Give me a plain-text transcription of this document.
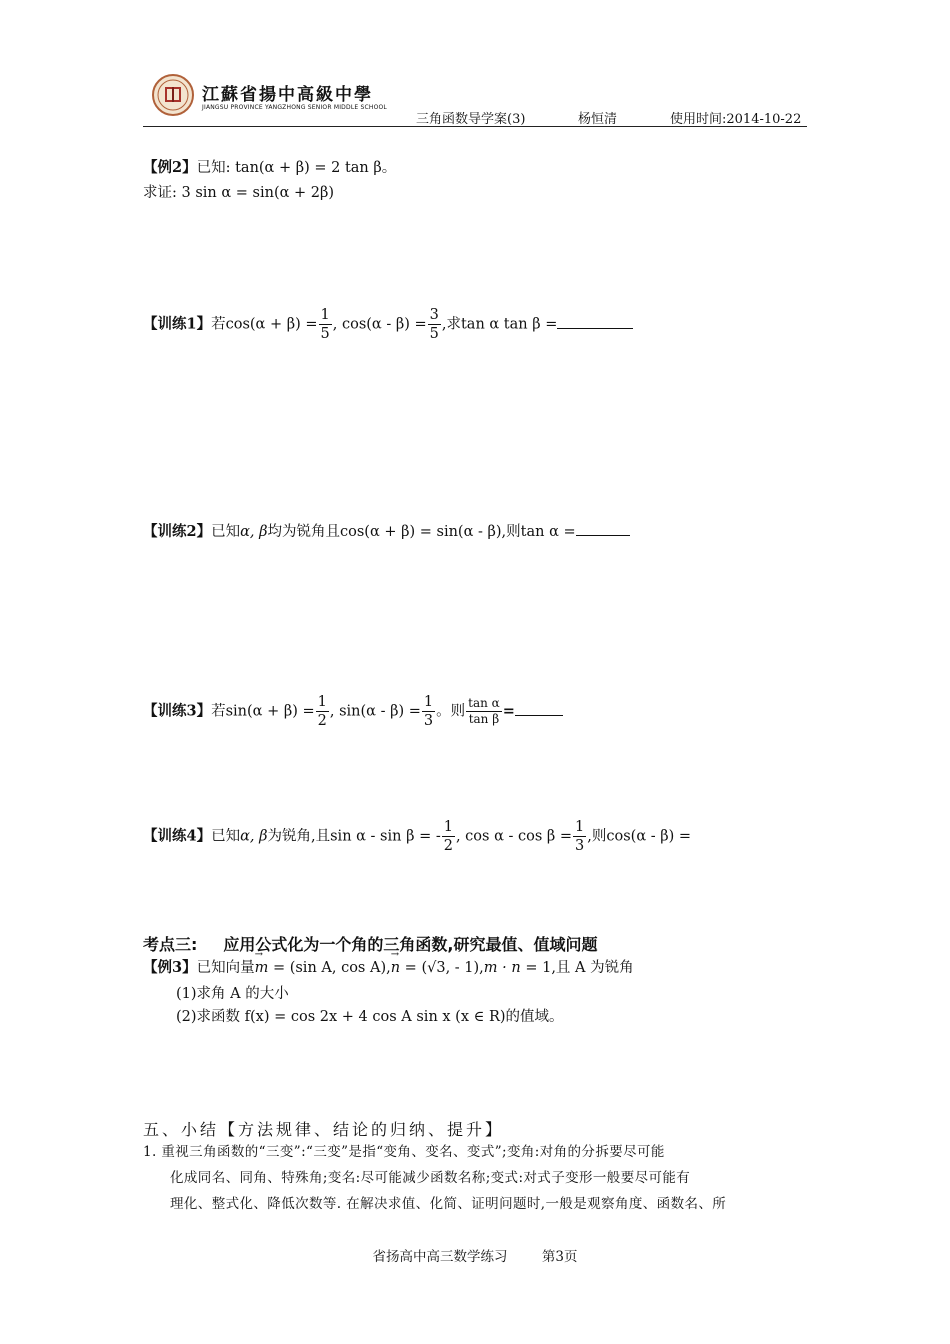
江蘇省揚中高級中學
JIANGSU PROVINCE YANGZHONG SENIOR MIDDLE SCHOOL
三角函数导学案(3)	杨恒清	使用时间:2014-10-22
【例2】已知: tan(α + β) = 2 tan β。
求证: 3 sin α = sin(α + 2β)
【训练1】若$\cos(\alpha + \beta) = \frac{1}{5}$ , $\cos(\alpha - \beta) = \frac{3}{5}$ ,求tan α tan β =
【训练2】已知α, β均为锐角且cos(α + β) = sin(α - β),则tan α =
【训练3】若$\sin(\alpha + \beta) = \frac{1}{2}$ , $\sin(\alpha - \beta) = \frac{1}{3}$ 。则 $\frac{\text{tan α}}{\text{tan β}}$ =
【训练4】已知α, β为锐角,且sin α - sin β = - $\frac{1}{2}$ , $\cos \alpha - \cos \beta = \frac{1}{3}$ ,则cos(α - β) =
考点三: 应用公式化为一个角的三角函数,研究最值、值域问题
【例3】已知向量→ m = (sin A, cos A),→ n = (√3, - 1),m · n = 1,且 A 为锐角
(1)求角 A 的大小
(2)求函数 f(x) = cos 2x + 4 cos A sin x (x ∈ R)的值域。
五、小结【方法规律、结论的归纳、提升】
1. 重视三角函数的“三变”:“三变”是指“变角、变名、变式”;变角:对角的分拆要尽可能
化成同名、同角、特殊角;变名:尽可能减少函数名称;变式:对式子变形一般要尽可能有
理化、整式化、降低次数等. 在解决求值、化简、证明问题时,一般是观察角度、函数名、所
省扬高中高三数学练习	第3页
